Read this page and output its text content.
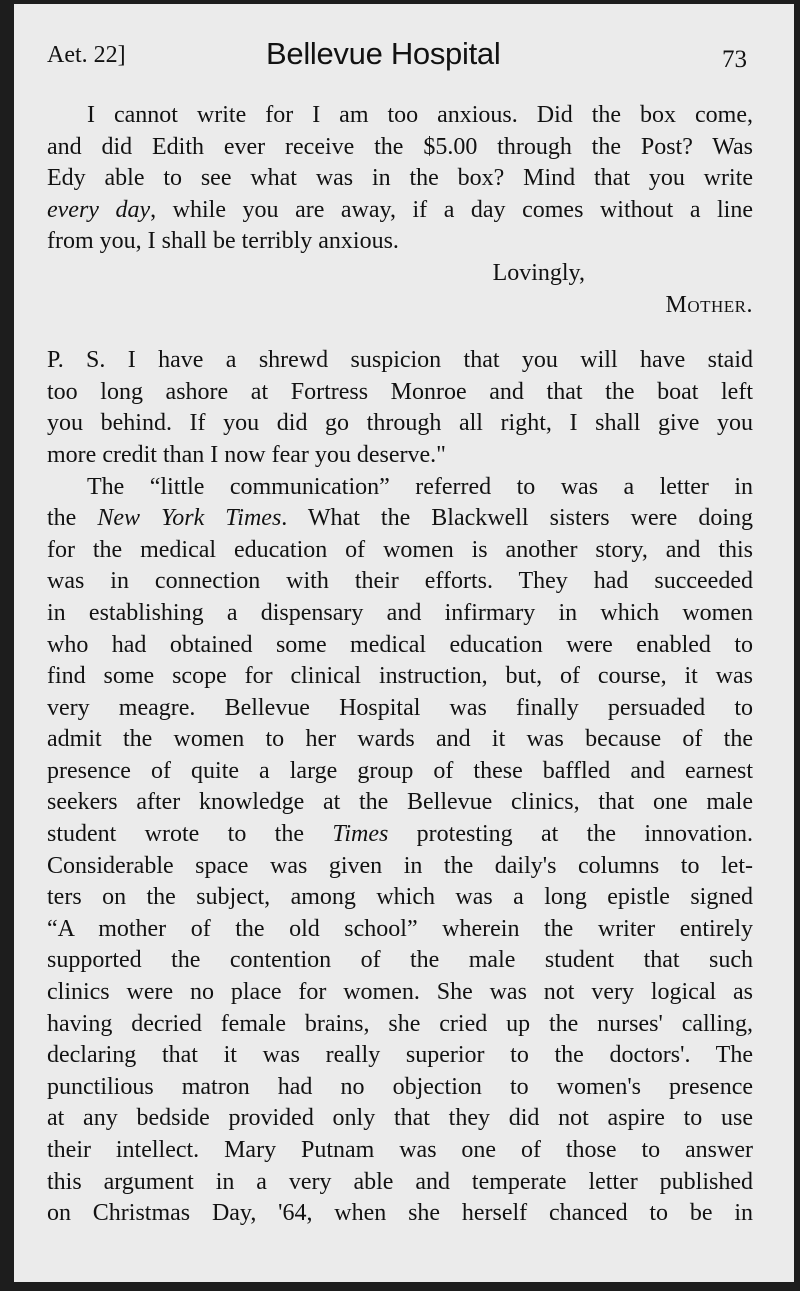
Aet. 22]	Bellevue Hospital	73
I cannot write for I am too anxious. Did the box come,
and did Edith ever receive the $5.00 through the Post? Was
Edy able to see what was in the box? Mind that you write
every day, while you are away, if a day comes without a line
from you, I shall be terribly anxious.
Lovingly,
Mother.
P. S. I have a shrewd suspicion that you will have staid
too long ashore at Fortress Monroe and that the boat left
you behind. If you did go through all right, I shall give you
more credit than I now fear you deserve."
The “little communication” referred to was a letter in
the New York Times. What the Blackwell sisters were doing
for the medical education of women is another story, and this
was in connection with their efforts. They had succeeded
in establishing a dispensary and infirmary in which women
who had obtained some medical education were enabled to
find some scope for clinical instruction, but, of course, it was
very meagre. Bellevue Hospital was finally persuaded to
admit the women to her wards and it was because of the
presence of quite a large group of these baffled and earnest
seekers after knowledge at the Bellevue clinics, that one male
student wrote to the Times protesting at the innovation.
Considerable space was given in the daily's columns to let-
ters on the subject, among which was a long epistle signed
“A mother of the old school” wherein the writer entirely
supported the contention of the male student that such
clinics were no place for women. She was not very logical as
having decried female brains, she cried up the nurses' calling,
declaring that it was really superior to the doctors'. The
punctilious matron had no objection to women's presence
at any bedside provided only that they did not aspire to use
their intellect. Mary Putnam was one of those to answer
this argument in a very able and temperate letter published
on Christmas Day, '64, when she herself chanced to be in
